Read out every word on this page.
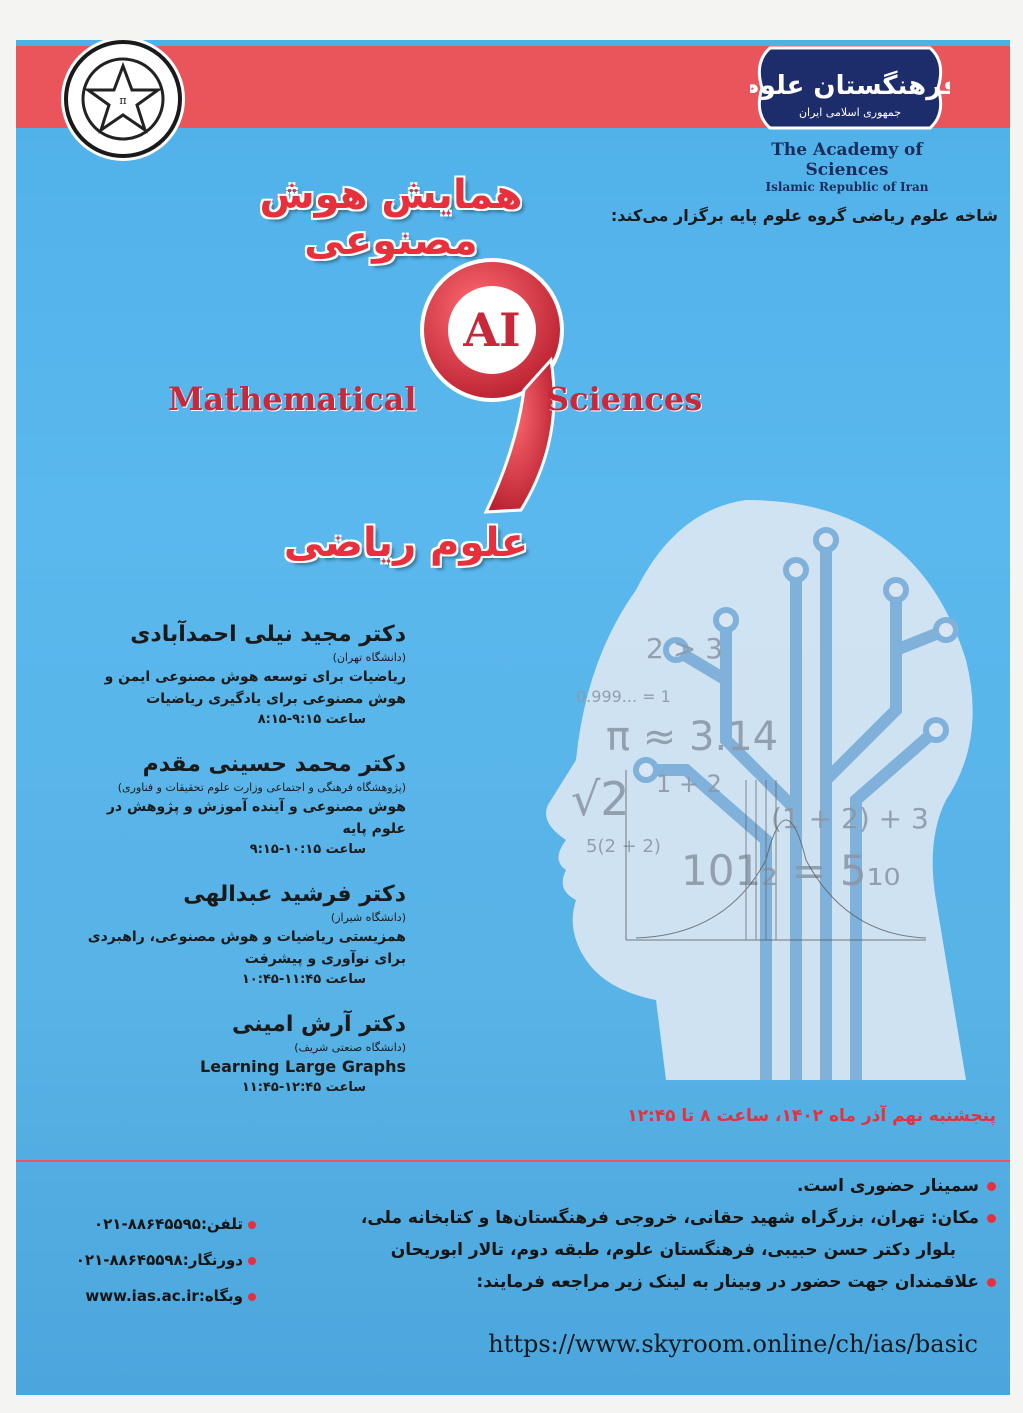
π	فرهنگستان علوم
جمهوری اسلامی ایران
The Academy of Sciences
Islamic Republic of Iran
همایش هوش مصنوعی
شاخه علوم ریاضی گروه علوم پایه برگزار می‌کند:
AI
Mathematical	Sciences
علوم ریاضی
2 > 3
0.999... = 1
π ≈ 3.14
√2 1 + 2
5(2 + 2)
(1 + 2) + 3
101₂ = 5₁₀
دکتر مجید نیلی احمدآبادی
(دانشگاه تهران)
ریاضیات برای توسعه هوش مصنوعی ایمن و هوش مصنوعی برای یادگیری ریاضیات
ساعت ۹:۱۵-۸:۱۵
دکتر محمد حسینی مقدم
(پژوهشگاه فرهنگی و اجتماعی وزارت علوم تحقیقات و فناوری)
هوش مصنوعی و آینده آموزش و پژوهش در علوم پایه
ساعت ۱۰:۱۵-۹:۱۵
دکتر فرشید عبدالهی
(دانشگاه شیراز)
همزیستی ریاضیات و هوش مصنوعی، راهبردی برای نوآوری و پیشرفت
ساعت ۱۱:۴۵-۱۰:۴۵
دکتر آرش امینی
(دانشگاه صنعتی شریف)
Learning Large Graphs
ساعت ۱۲:۴۵-۱۱:۴۵
پنجشنبه نهم آذر ماه ۱۴۰۲، ساعت ۸ تا ۱۲:۴۵
سمینار حضوری است.
مکان: تهران، بزرگراه شهید حقانی، خروجی فرهنگستان‌ها و کتابخانه ملی،
بلوار دکتر حسن حبیبی، فرهنگستان علوم، طبقه دوم، تالار ابوریحان
علاقمندان جهت حضور در وبینار به لینک زیر مراجعه فرمایند:
https://www.skyroom.online/ch/ias/basic
تلفن:۸۸۶۴۵۵۹۵-۰۲۱
دورنگار:۸۸۶۴۵۵۹۸-۰۲۱
وبگاه:www.ias.ac.ir
